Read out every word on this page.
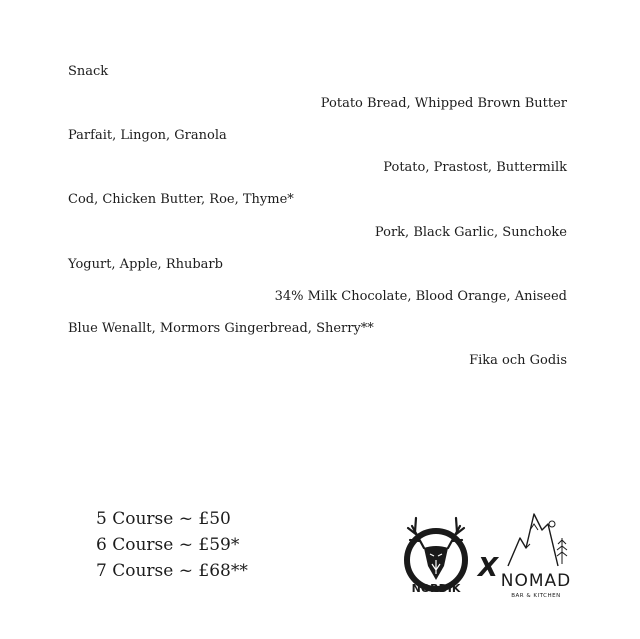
Snack
Potato Bread, Whipped Brown Butter
Parfait, Lingon, Granola
Potato, Prastost, Buttermilk
Cod, Chicken Butter, Roe, Thyme*
Pork, Black Garlic, Sunchoke
Yogurt, Apple, Rhubarb
34% Milk Chocolate, Blood Orange, Aniseed
Blue Wenallt, Mormors Gingerbread, Sherry**
Fika och Godis
5 Course ~ £50
6 Course ~ £59*
7 Course ~ £68**
NORDIK
X NOMAD
BAR & KITCHEN
